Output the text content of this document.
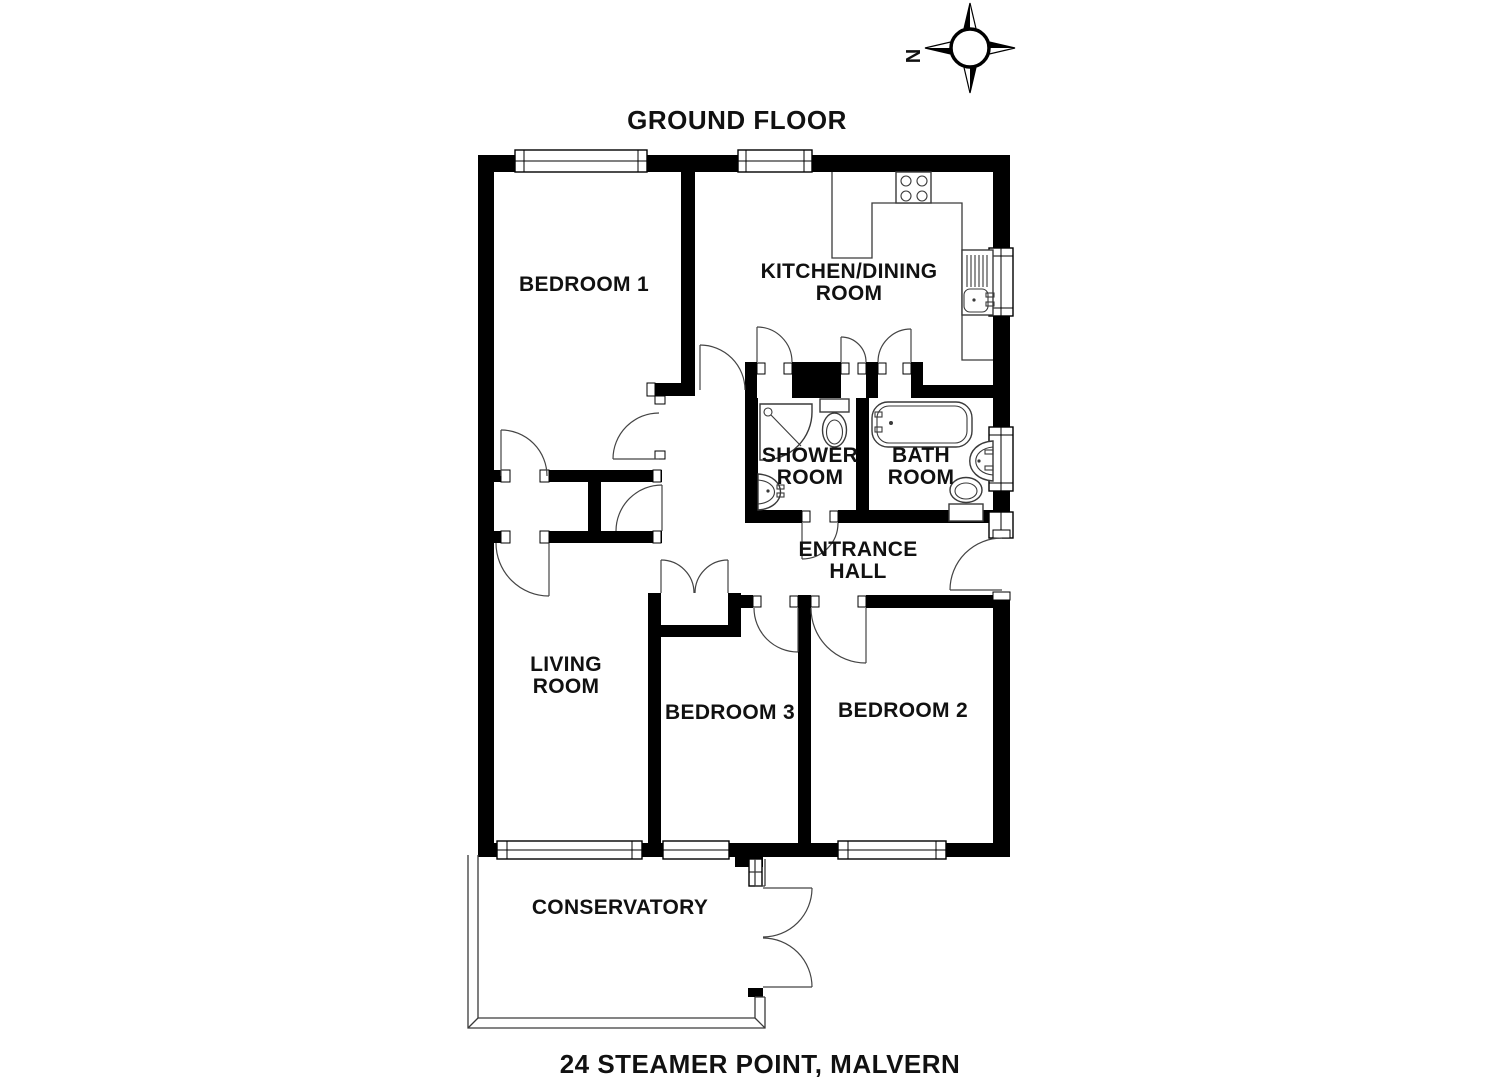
GROUND FLOOR
24 STEAMER POINT, MALVERN
N
BEDROOM 1
KITCHEN/DINING
ROOM
SHOWER
ROOM
BATH
ROOM
ENTRANCE
HALL
LIVING
ROOM
BEDROOM 3 BEDROOM 2
CONSERVATORY
